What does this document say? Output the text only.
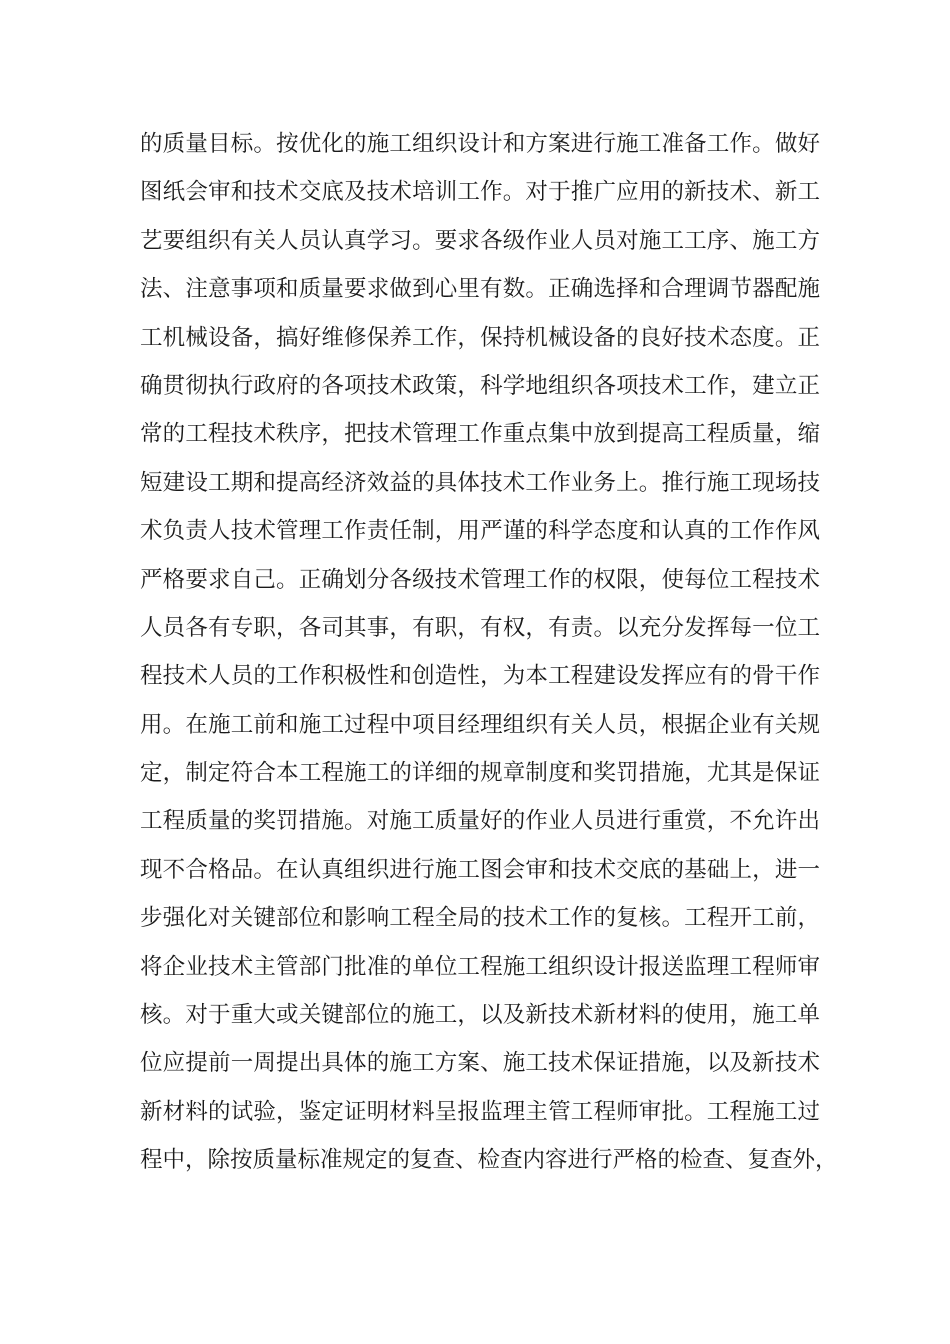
的质量目标。按优化的施工组织设计和方案进行施工准备工作。做好
图纸会审和技术交底及技术培训工作。对于推广应用的新技术、新工
艺要组织有关人员认真学习。要求各级作业人员对施工工序、施工方
法、注意事项和质量要求做到心里有数。正确选择和合理调节器配施
工机械设备，搞好维修保养工作，保持机械设备的良好技术态度。正
确贯彻执行政府的各项技术政策，科学地组织各项技术工作，建立正
常的工程技术秩序，把技术管理工作重点集中放到提高工程质量，缩
短建设工期和提高经济效益的具体技术工作业务上。推行施工现场技
术负责人技术管理工作责任制，用严谨的科学态度和认真的工作作风
严格要求自己。正确划分各级技术管理工作的权限，使每位工程技术
人员各有专职，各司其事，有职，有权，有责。以充分发挥每一位工
程技术人员的工作积极性和创造性，为本工程建设发挥应有的骨干作
用。在施工前和施工过程中项目经理组织有关人员，根据企业有关规
定，制定符合本工程施工的详细的规章制度和奖罚措施，尤其是保证
工程质量的奖罚措施。对施工质量好的作业人员进行重赏，不允许出
现不合格品。在认真组织进行施工图会审和技术交底的基础上，进一
步强化对关键部位和影响工程全局的技术工作的复核。工程开工前，
将企业技术主管部门批准的单位工程施工组织设计报送监理工程师审
核。对于重大或关键部位的施工，以及新技术新材料的使用，施工单
位应提前一周提出具体的施工方案、施工技术保证措施，以及新技术
新材料的试验，鉴定证明材料呈报监理主管工程师审批。工程施工过
程中，除按质量标准规定的复查、检查内容进行严格的检查、复查外，
